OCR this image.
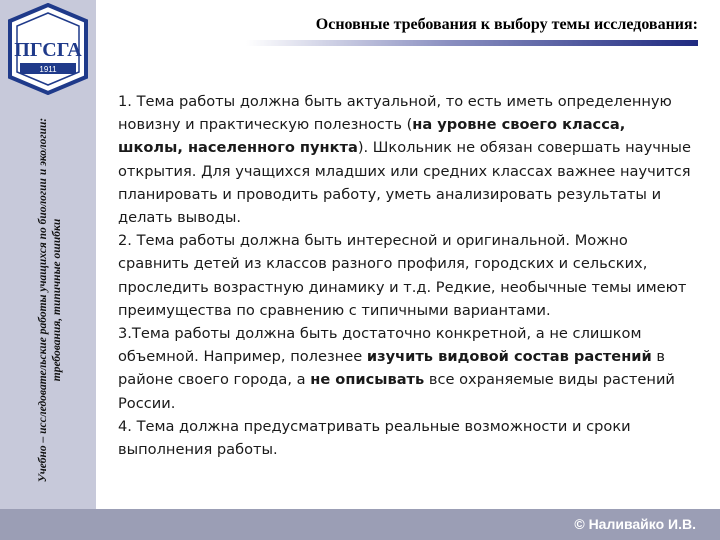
ПГСГА
1911
Учебно – исследовательские работы учащихся по биологии и экологии: требования, типичные ошибки
Основные требования к выбору темы исследования:

1. Тема работы должна быть актуальной, то есть иметь определенную новизну и практическую полезность (на уровне своего класса, школы, населенного пункта). Школьник не обязан совершать научные открытия. Для учащихся младших или средних классах важнее научится планировать и проводить работу, уметь анализировать результаты и делать выводы.

2. Тема работы должна быть интересной и оригинальной. Можно сравнить детей из классов разного профиля, городских и сельских, проследить возрастную динамику и т.д. Редкие, необычные темы имеют преимущества по сравнению с типичными вариантами.

3.Тема работы должна быть достаточно конкретной, а не слишком объемной. Например, полезнее изучить видовой состав растений в районе своего города, а не описывать все охраняемые виды растений России.

4. Тема должна предусматривать реальные возможности и сроки выполнения работы.

© Наливайко И.В.
